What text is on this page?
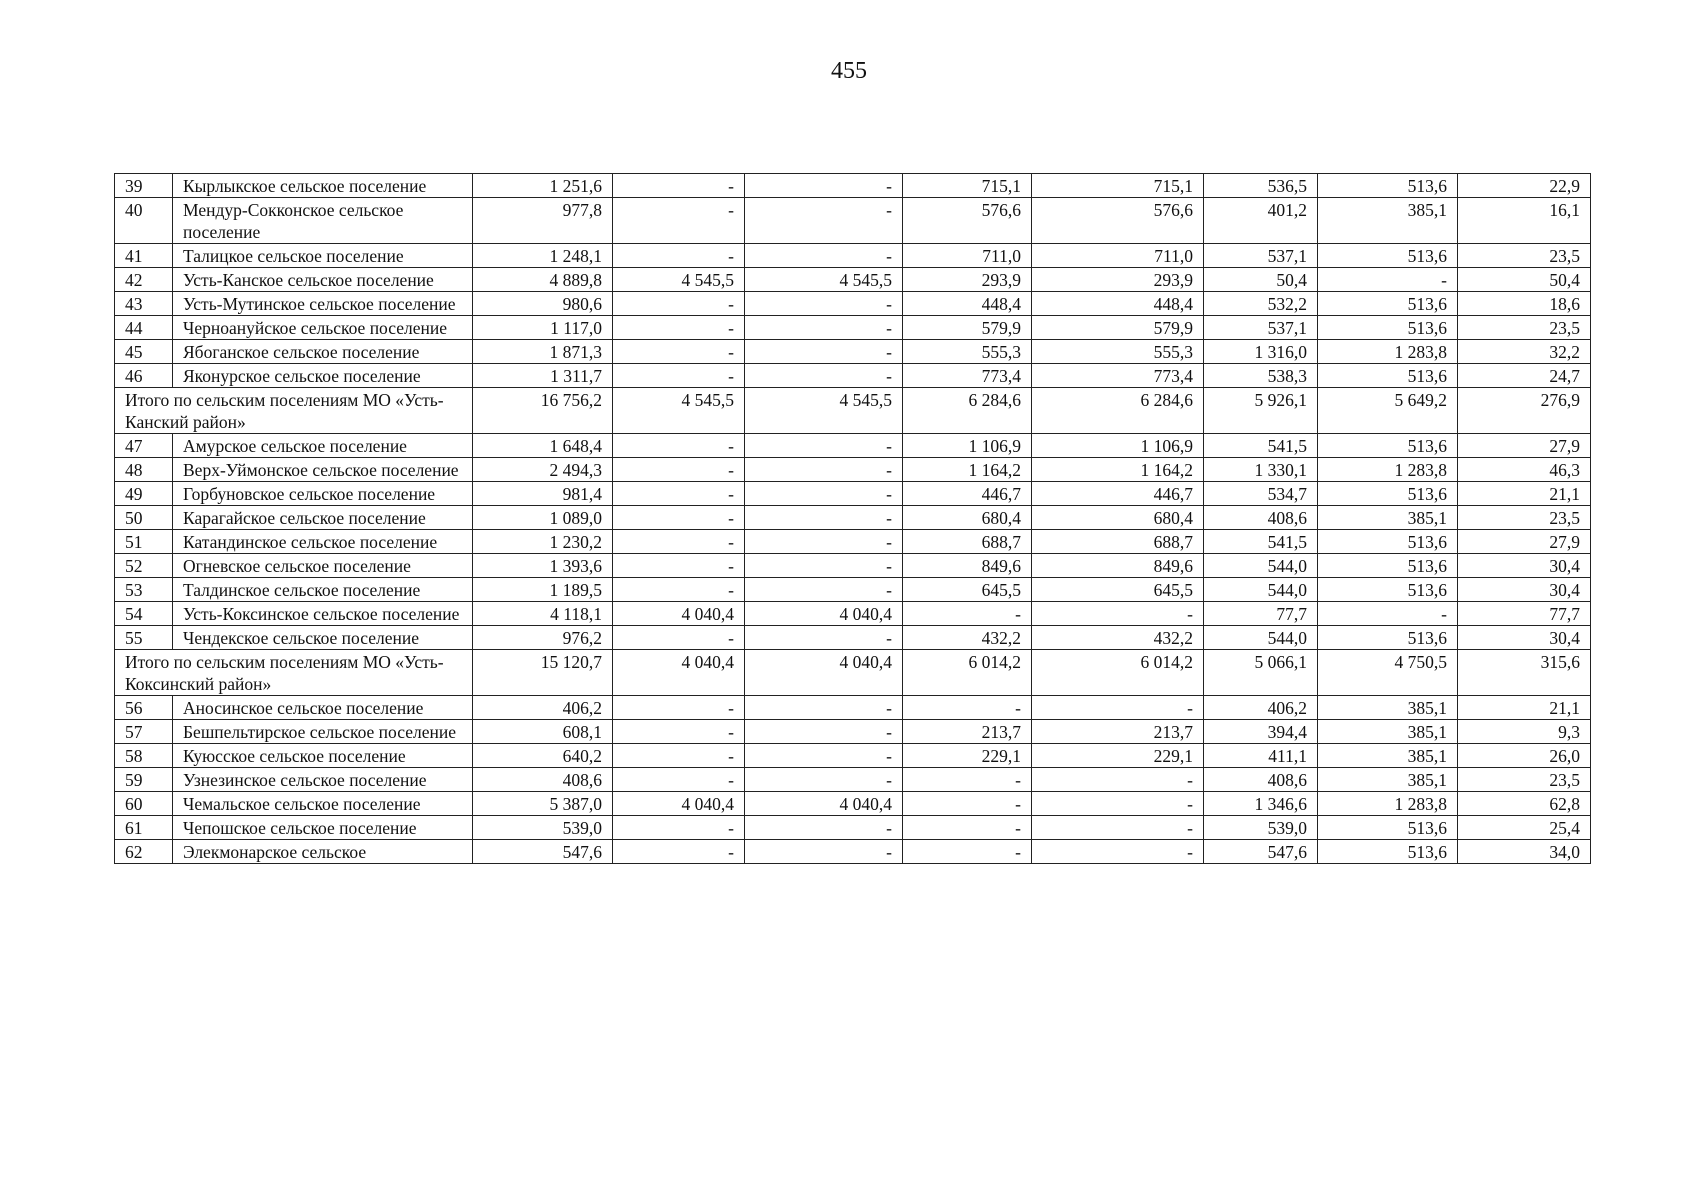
455
39	Кырлыкское сельское поселение	1 251,6	-	-	715,1	715,1	536,5	513,6	22,9
40	Мендур-Сокконское сельское поселение	977,8	-	-	576,6	576,6	401,2	385,1	16,1
41	Талицкое сельское поселение	1 248,1	-	-	711,0	711,0	537,1	513,6	23,5
42	Усть-Канское сельское поселение	4 889,8	4 545,5	4 545,5	293,9	293,9	50,4	-	50,4
43	Усть-Мутинское сельское поселение	980,6	-	-	448,4	448,4	532,2	513,6	18,6
44	Черноануйское сельское поселение	1 117,0	-	-	579,9	579,9	537,1	513,6	23,5
45	Ябоганское сельское поселение	1 871,3	-	-	555,3	555,3	1 316,0	1 283,8	32,2
46	Яконурское сельское поселение	1 311,7	-	-	773,4	773,4	538,3	513,6	24,7
Итого по сельским поселениям МО «Усть-Канский район»		16 756,2	4 545,5	4 545,5	6 284,6	6 284,6	5 926,1	5 649,2	276,9
47	Амурское сельское поселение	1 648,4	-	-	1 106,9	1 106,9	541,5	513,6	27,9
48	Верх-Уймонское сельское поселение	2 494,3	-	-	1 164,2	1 164,2	1 330,1	1 283,8	46,3
49	Горбуновское сельское поселение	981,4	-	-	446,7	446,7	534,7	513,6	21,1
50	Карагайское сельское поселение	1 089,0	-	-	680,4	680,4	408,6	385,1	23,5
51	Катандинское сельское поселение	1 230,2	-	-	688,7	688,7	541,5	513,6	27,9
52	Огневское сельское поселение	1 393,6	-	-	849,6	849,6	544,0	513,6	30,4
53	Талдинское сельское поселение	1 189,5	-	-	645,5	645,5	544,0	513,6	30,4
54	Усть-Коксинское сельское поселение	4 118,1	4 040,4	4 040,4	-	-	77,7	-	77,7
55	Чендекское сельское поселение	976,2	-	-	432,2	432,2	544,0	513,6	30,4
Итого по сельским поселениям МО «Усть-Коксинский район»		15 120,7	4 040,4	4 040,4	6 014,2	6 014,2	5 066,1	4 750,5	315,6
56	Аносинское сельское поселение	406,2	-	-	-	-	406,2	385,1	21,1
57	Бешпельтирское сельское поселение	608,1	-	-	213,7	213,7	394,4	385,1	9,3
58	Куюсское сельское поселение	640,2	-	-	229,1	229,1	411,1	385,1	26,0
59	Узнезинское сельское поселение	408,6	-	-	-	-	408,6	385,1	23,5
60	Чемальское сельское поселение	5 387,0	4 040,4	4 040,4	-	-	1 346,6	1 283,8	62,8
61	Чепошское сельское поселение	539,0	-	-	-	-	539,0	513,6	25,4
62	Элекмонарское сельское	547,6	-	-	-	-	547,6	513,6	34,0
